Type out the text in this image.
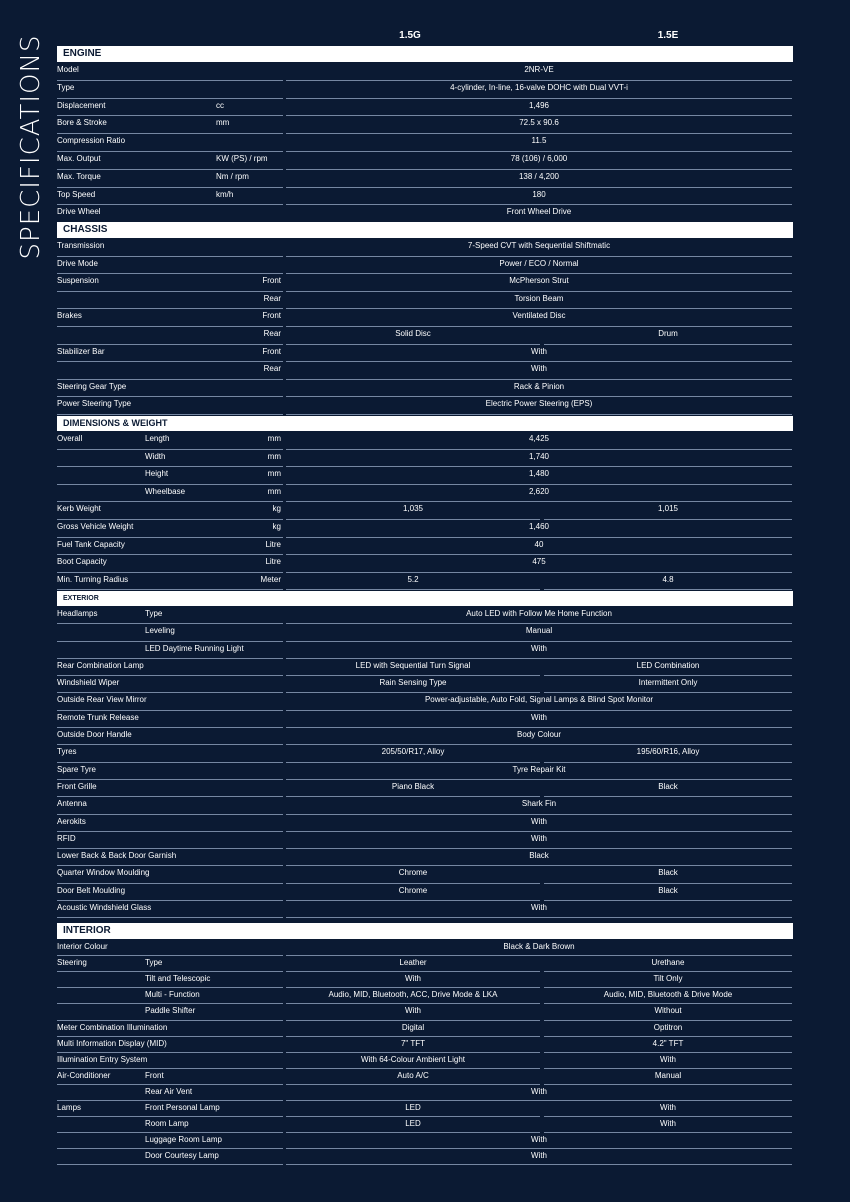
SPECIFICATIONS	1.5G	1.5E
ENGINE
Model	2NR-VE
Type	4-cylinder, In-line, 16-valve DOHC with Dual VVT-i
Displacement	cc	1,496
Bore & Stroke	mm	72.5 x 90.6
Compression Ratio	11.5
Max. Output	KW (PS) / rpm	78 (106) / 6,000
Max. Torque	Nm / rpm	138 / 4,200
Top Speed	km/h	180
Drive Wheel	Front Wheel Drive
CHASSIS
Transmission	7-Speed CVT with Sequential Shiftmatic
Drive Mode	Power / ECO / Normal
Suspension	Front	McPherson Strut
Rear	Torsion Beam
Brakes	Front	Ventilated Disc
Rear	Solid Disc	Drum
Stabilizer Bar	Front	With
Rear	With
Steering Gear Type	Rack & Pinion
Power Steering Type	Electric Power Steering (EPS)
DIMENSIONS & WEIGHT
Overall	Length	mm	4,425
Width	mm	1,740
Height	mm	1,480
Wheelbase	mm	2,620
Kerb Weight	kg	1,035	1,015
Gross Vehicle Weight	kg	1,460
Fuel Tank Capacity	Litre	40
Boot Capacity	Litre	475
Min. Turning Radius	Meter	5.2	4.8
EXTERIOR
Headlamps	Type	Auto LED with Follow Me Home Function
Leveling	Manual
LED Daytime Running Light	With
Rear Combination Lamp	LED with Sequential Turn Signal	LED Combination
Windshield Wiper	Rain Sensing Type	Intermittent Only
Outside Rear View Mirror	Power-adjustable, Auto Fold, Signal Lamps & Blind Spot Monitor
Remote Trunk Release	With
Outside Door Handle	Body Colour
Tyres	205/50/R17, Alloy	195/60/R16, Alloy
Spare Tyre	Tyre Repair Kit
Front Grille	Piano Black	Black
Antenna	Shark Fin
Aerokits	With
RFID	With
Lower Back & Back Door Garnish	Black
Quarter Window Moulding	Chrome	Black
Door Belt Moulding	Chrome	Black
Acoustic Windshield Glass	With
INTERIOR
Interior Colour	Black & Dark Brown
Steering	Type	Leather	Urethane
Tilt and Telescopic	With	Tilt Only
Multi - Function	Audio, MID, Bluetooth, ACC, Drive Mode & LKA	Audio, MID, Bluetooth & Drive Mode
Paddle Shifter	With	Without
Meter Combination Illumination	Digital	Optitron
Multi Information Display (MID)	7" TFT	4.2" TFT
Illumination Entry System	With 64-Colour Ambient Light	With
Air-Conditioner	Front	Auto A/C	Manual
Rear Air Vent	With
Lamps	Front Personal Lamp	LED	With
Room Lamp	LED	With
Luggage Room Lamp	With
Door Courtesy Lamp	With
